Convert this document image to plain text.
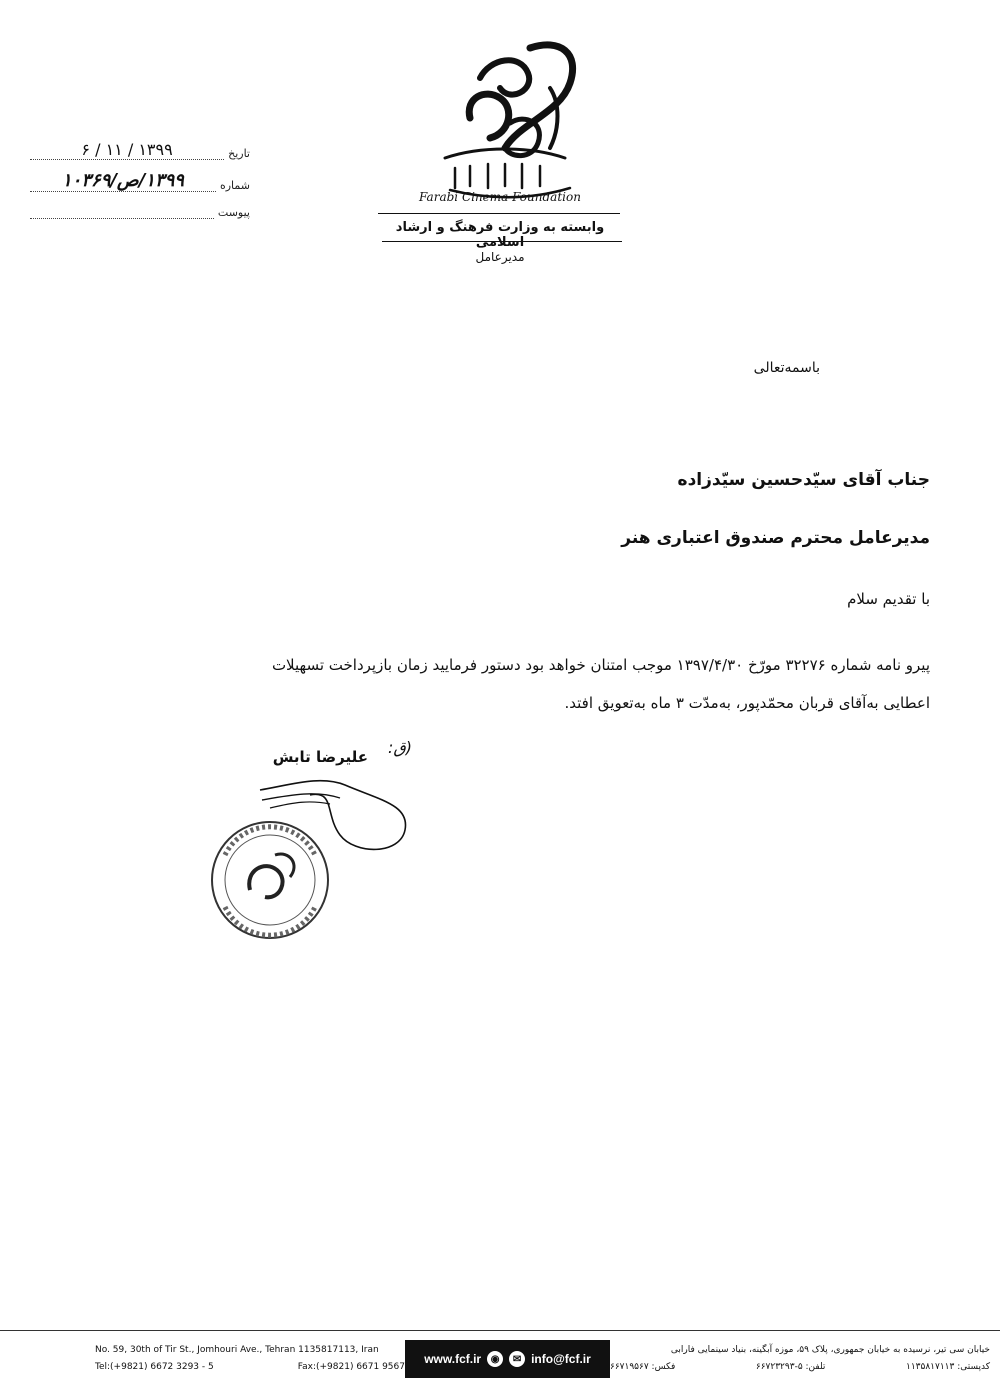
Farabi Cinema Foundation
وابسته به وزارت فرهنگ و ارشاد اسلامی
مدیرعامل
تاریخ
۱۳۹۹ / ۱۱ / ۶
شماره
۱۳۹۹/ص/۱۰۳۶۹
پیوست
باسمه‌تعالی
جناب آقای سیّدحسین سیّدزاده
مدیرعامل محترم صندوق اعتباری هنر
با تقدیم سلام
پیرو نامه شماره ۳۲۲۷۶ مورّخ ۱۳۹۷/۴/۳۰ موجب امتنان خواهد بود دستور فرمایید زمان بازپرداخت تسهیلات
اعطایی به‌آقای قربان محمّدپور، به‌مدّت ۳ ماه به‌تعویق افتد.
(ق:
علیرضا تابش
No. 59, 30th of Tir St., Jomhouri Ave., Tehran 1135817113, Iran
Tel:(+9821) 6672 3293 - 5	Fax:(+9821) 6671 9567
www.fcf.ir ◉	✉ info@fcf.ir
خیابان سی تیر، نرسیده به خیابان جمهوری، پلاک ۵۹، موزه آبگینه، بنیاد سینمایی فارابی
کدپستی: ۱۱۳۵۸۱۷۱۱۳
تلفن: ۵-۶۶۷۲۳۲۹۳
فکس: ۶۶۷۱۹۵۶۷
